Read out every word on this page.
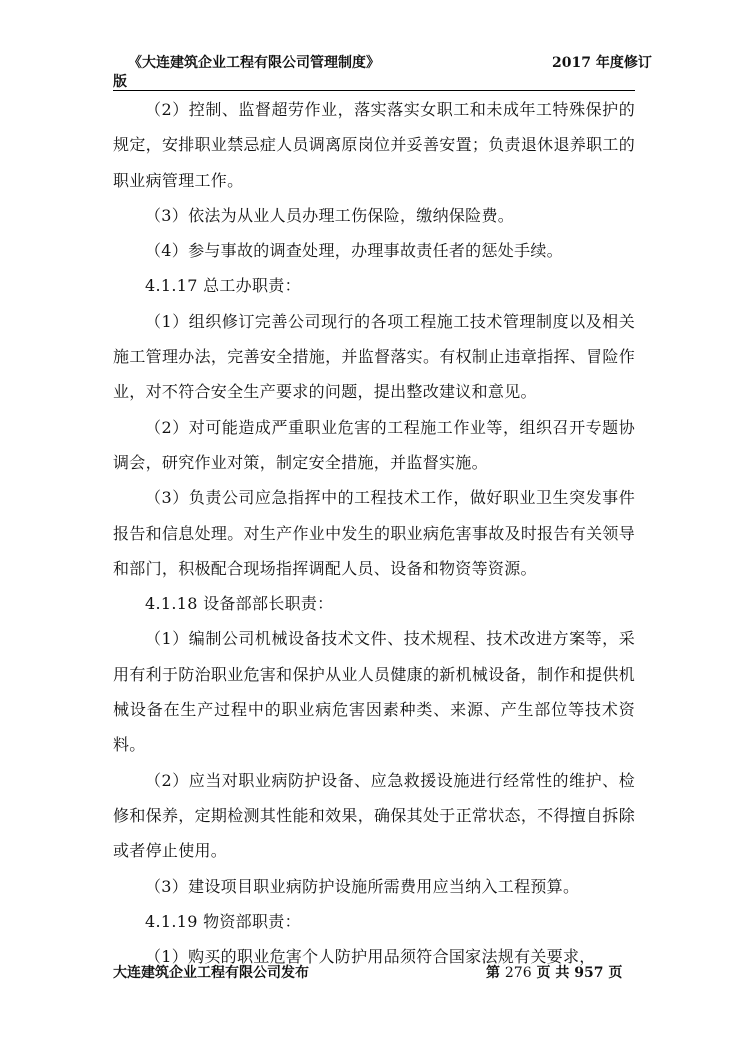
《大连建筑企业工程有限公司管理制度》	2017 年度修订
版

（2）控制、监督超劳作业，落实落实女职工和未成年工特殊保护的规定，安排职业禁忌症人员调离原岗位并妥善安置；负责退休退养职工的职业病管理工作。

（3）依法为从业人员办理工伤保险，缴纳保险费。

（4）参与事故的调查处理，办理事故责任者的惩处手续。

4.1.17 总工办职责：

（1）组织修订完善公司现行的各项工程施工技术管理制度以及相关施工管理办法，完善安全措施，并监督落实。有权制止违章指挥、冒险作业，对不符合安全生产要求的问题，提出整改建议和意见。

（2）对可能造成严重职业危害的工程施工作业等，组织召开专题协调会，研究作业对策，制定安全措施，并监督实施。

（3）负责公司应急指挥中的工程技术工作，做好职业卫生突发事件报告和信息处理。对生产作业中发生的职业病危害事故及时报告有关领导和部门，积极配合现场指挥调配人员、设备和物资等资源。

4.1.18 设备部部长职责：

（1）编制公司机械设备技术文件、技术规程、技术改进方案等，采用有利于防治职业危害和保护从业人员健康的新机械设备，制作和提供机械设备在生产过程中的职业病危害因素种类、来源、产生部位等技术资料。

（2）应当对职业病防护设备、应急救援设施进行经常性的维护、检修和保养，定期检测其性能和效果，确保其处于正常状态，不得擅自拆除或者停止使用。

（3）建设项目职业病防护设施所需费用应当纳入工程预算。

4.1.19 物资部职责：

（1）购买的职业危害个人防护用品须符合国家法规有关要求，

大连建筑企业工程有限公司发布	第 276 页 共 957 页
